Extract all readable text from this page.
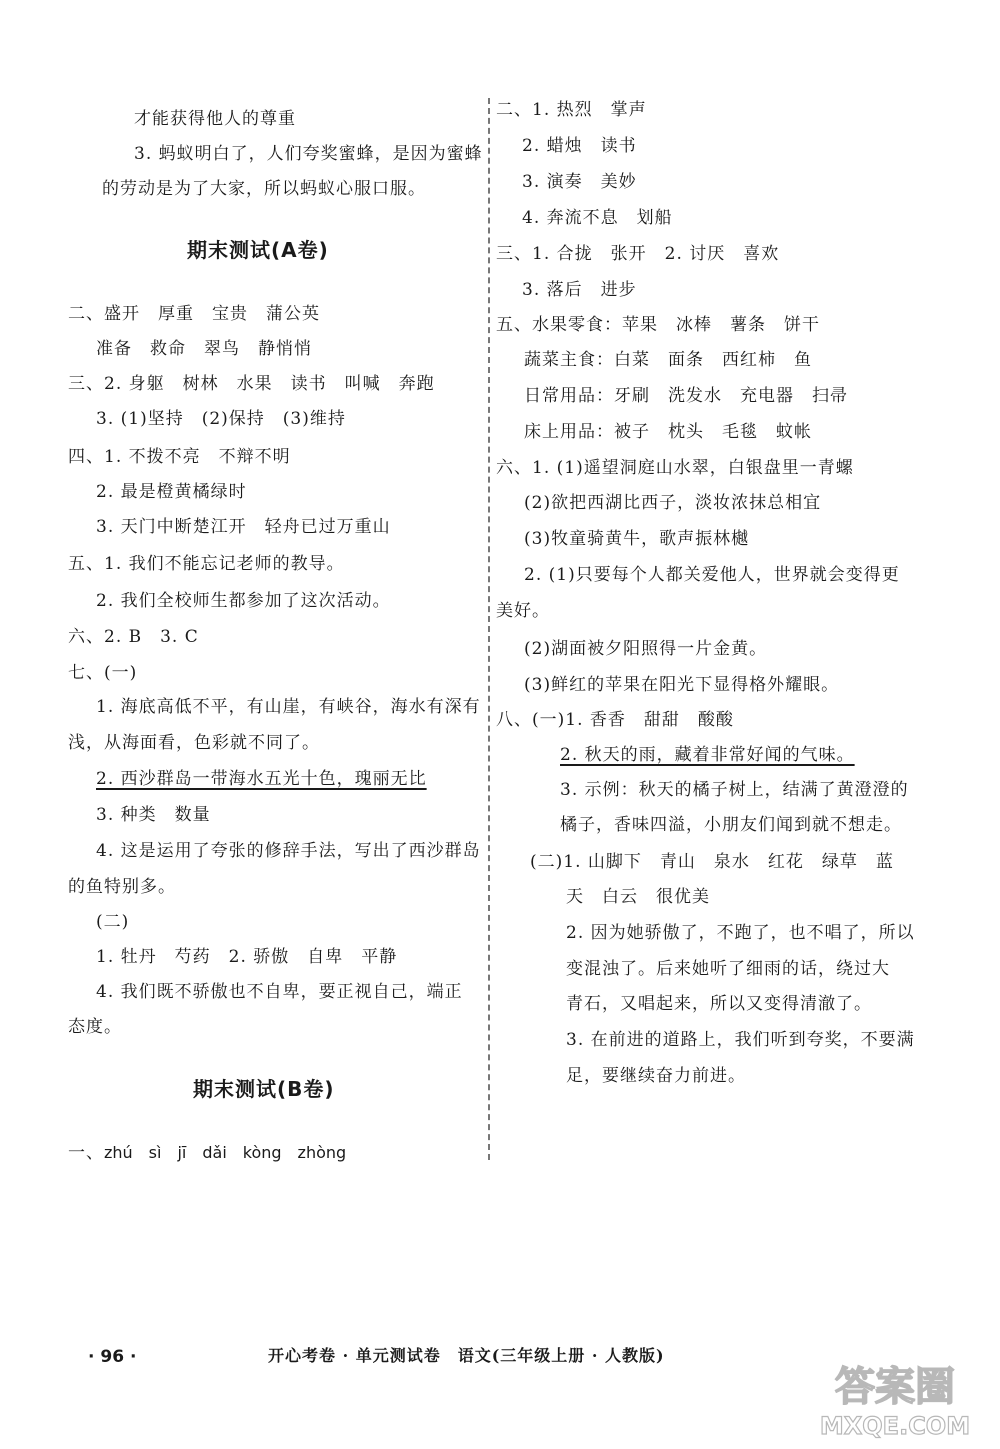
才能获得他人的尊重
3. 蚂蚁明白了，人们夸奖蜜蜂，是因为蜜蜂
的劳动是为了大家，所以蚂蚁心服口服。
期末测试(A卷)
二、盛开　厚重　宝贵　蒲公英
准备　救命　翠鸟　静悄悄
三、2. 身躯　树林　水果　读书　叫喊　奔跑
3. (1)坚持　(2)保持　(3)维持
四、1. 不拨不亮　不辩不明
2. 最是橙黄橘绿时
3. 天门中断楚江开　轻舟已过万重山
五、1. 我们不能忘记老师的教导。
2. 我们全校师生都参加了这次活动。
六、2. B　3. C
七、(一)
1. 海底高低不平，有山崖，有峡谷，海水有深有
浅，从海面看，色彩就不同了。
2. 西沙群岛一带海水五光十色，瑰丽无比
3. 种类　数量
4. 这是运用了夸张的修辞手法，写出了西沙群岛
的鱼特别多。
(二)
1. 牡丹　芍药　2. 骄傲　自卑　平静
4. 我们既不骄傲也不自卑，要正视自己，端正
态度。
期末测试(B卷)
一、zhú　sì　jī　dǎi　kòng　zhòng
二、1. 热烈　掌声
2. 蜡烛　读书
3. 演奏　美妙
4. 奔流不息　划船
三、1. 合拢　张开　2. 讨厌　喜欢
3. 落后　进步
五、水果零食：苹果　冰棒　薯条　饼干
蔬菜主食：白菜　面条　西红柿　鱼
日常用品：牙刷　洗发水　充电器　扫帚
床上用品：被子　枕头　毛毯　蚊帐
六、1. (1)遥望洞庭山水翠，白银盘里一青螺
(2)欲把西湖比西子，淡妆浓抹总相宜
(3)牧童骑黄牛，歌声振林樾
2. (1)只要每个人都关爱他人，世界就会变得更
美好。
(2)湖面被夕阳照得一片金黄。
(3)鲜红的苹果在阳光下显得格外耀眼。
八、(一)1. 香香　甜甜　酸酸
2. 秋天的雨，藏着非常好闻的气味。
3. 示例：秋天的橘子树上，结满了黄澄澄的
橘子，香味四溢，小朋友们闻到就不想走。
(二)1. 山脚下　青山　泉水　红花　绿草　蓝
天　白云　很优美
2. 因为她骄傲了，不跑了，也不唱了，所以
变混浊了。后来她听了细雨的话，绕过大
青石，又唱起来，所以又变得清澈了。
3. 在前进的道路上，我们听到夸奖，不要满
足，要继续奋力前进。
· 96 ·	开心考卷 · 单元测试卷　语文(三年级上册 · 人教版)
答案圈
MXQE.COM
